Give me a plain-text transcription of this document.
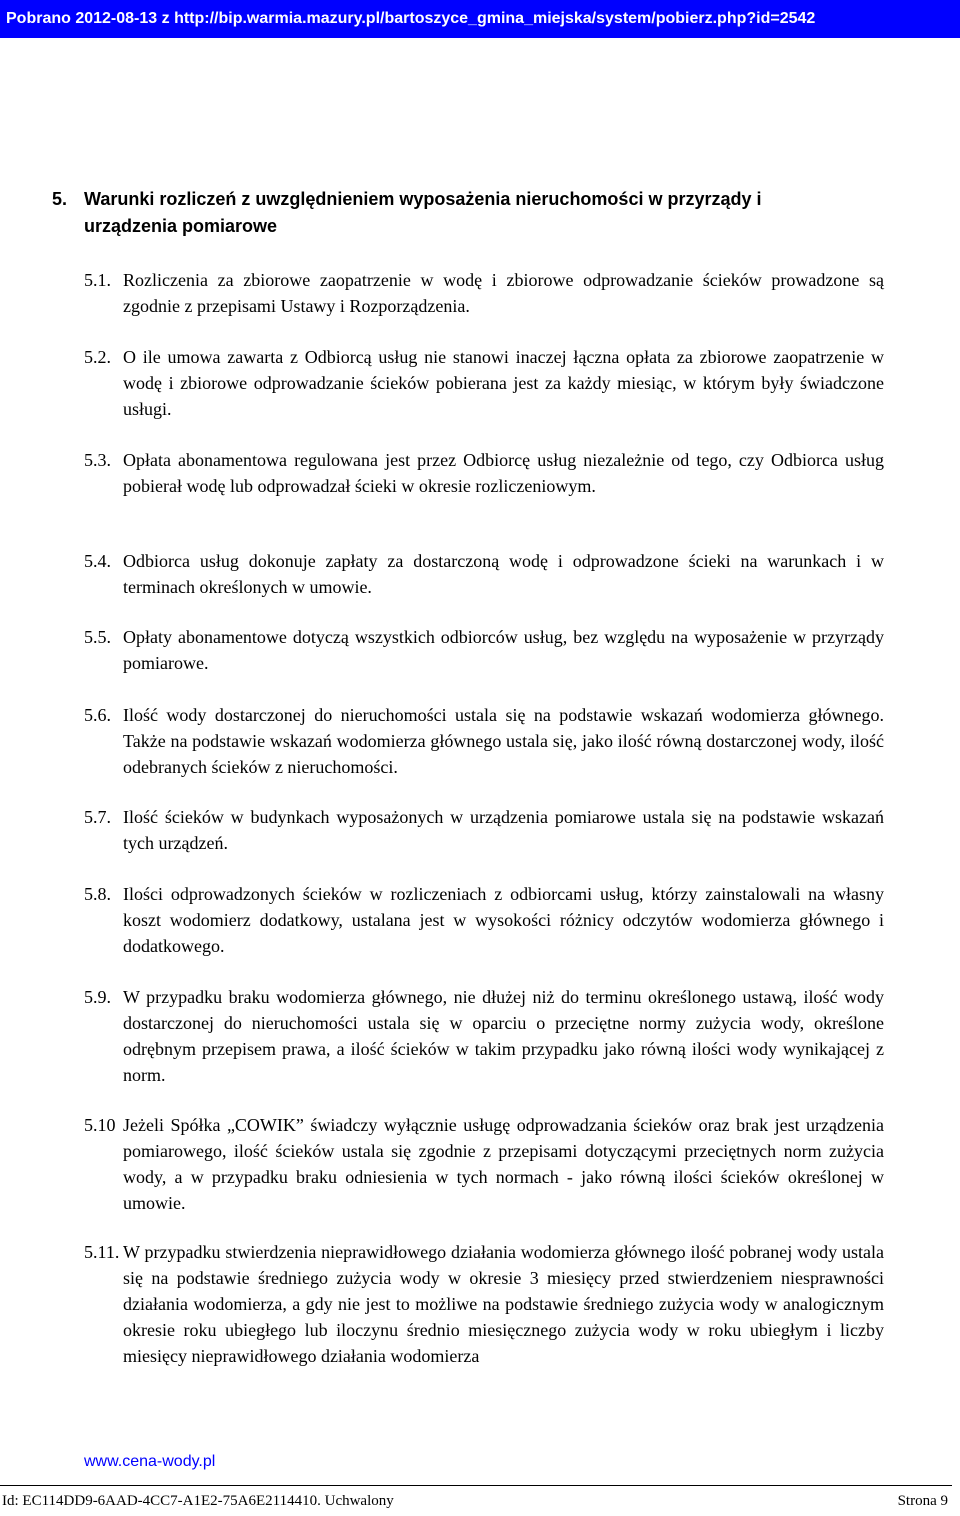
Pobrano 2012-08-13 z http://bip.warmia.mazury.pl/bartoszyce_gmina_miejska/system/pobierz.php?id=2542
5. Warunki rozliczeń z uwzględnieniem wyposażenia nieruchomości w przyrządy i
urządzenia pomiarowe
5.1. Rozliczenia za zbiorowe zaopatrzenie w wodę i zbiorowe odprowadzanie ścieków prowadzone są zgodnie z przepisami Ustawy i Rozporządzenia.
5.2. O ile umowa zawarta z Odbiorcą usług nie stanowi inaczej łączna opłata za zbiorowe zaopatrzenie w wodę i zbiorowe odprowadzanie ścieków pobierana jest za każdy miesiąc, w którym były świadczone usługi.
5.3. Opłata abonamentowa regulowana jest przez Odbiorcę usług niezależnie od tego, czy Odbiorca usług pobierał wodę lub odprowadzał ścieki w okresie rozliczeniowym.
5.4. Odbiorca usług dokonuje zapłaty za dostarczoną wodę i odprowadzone ścieki na warunkach i w terminach określonych w umowie.
5.5. Opłaty abonamentowe dotyczą wszystkich odbiorców usług, bez względu na wyposażenie w przyrządy pomiarowe.
5.6. Ilość wody dostarczonej do nieruchomości ustala się na podstawie wskazań wodomierza głównego. Także na podstawie wskazań wodomierza głównego ustala się, jako ilość równą dostarczonej wody, ilość odebranych ścieków z nieruchomości.
5.7. Ilość ścieków w budynkach wyposażonych w urządzenia pomiarowe ustala się na podstawie wskazań tych urządzeń.
5.8. Ilości odprowadzonych ścieków w rozliczeniach z odbiorcami usług, którzy zainstalowali na własny koszt wodomierz dodatkowy, ustalana jest w wysokości różnicy odczytów wodomierza głównego i dodatkowego.
5.9. W przypadku braku wodomierza głównego, nie dłużej niż do terminu określonego ustawą, ilość wody dostarczonej do nieruchomości ustala się w oparciu o przeciętne normy zużycia wody, określone odrębnym przepisem prawa, a ilość ścieków w takim przypadku jako równą ilości wody wynikającej z norm.
5.10 Jeżeli Spółka „COWIK” świadczy wyłącznie usługę odprowadzania ścieków oraz brak jest urządzenia pomiarowego, ilość ścieków ustala się zgodnie z przepisami dotyczącymi przeciętnych norm zużycia wody, a w przypadku braku odniesienia w tych normach - jako równą ilości ścieków określonej w umowie.
5.11. W przypadku stwierdzenia nieprawidłowego działania wodomierza głównego ilość pobranej wody ustala się na podstawie średniego zużycia wody w okresie 3 miesięcy przed stwierdzeniem niesprawności działania wodomierza, a gdy nie jest to możliwe na podstawie średniego zużycia wody w analogicznym okresie roku ubiegłego lub iloczynu średnio miesięcznego zużycia wody w roku ubiegłym i liczby miesięcy nieprawidłowego działania wodomierza
www.cena-wody.pl
Id: EC114DD9-6AAD-4CC7-A1E2-75A6E2114410. Uchwalony	Strona 9
